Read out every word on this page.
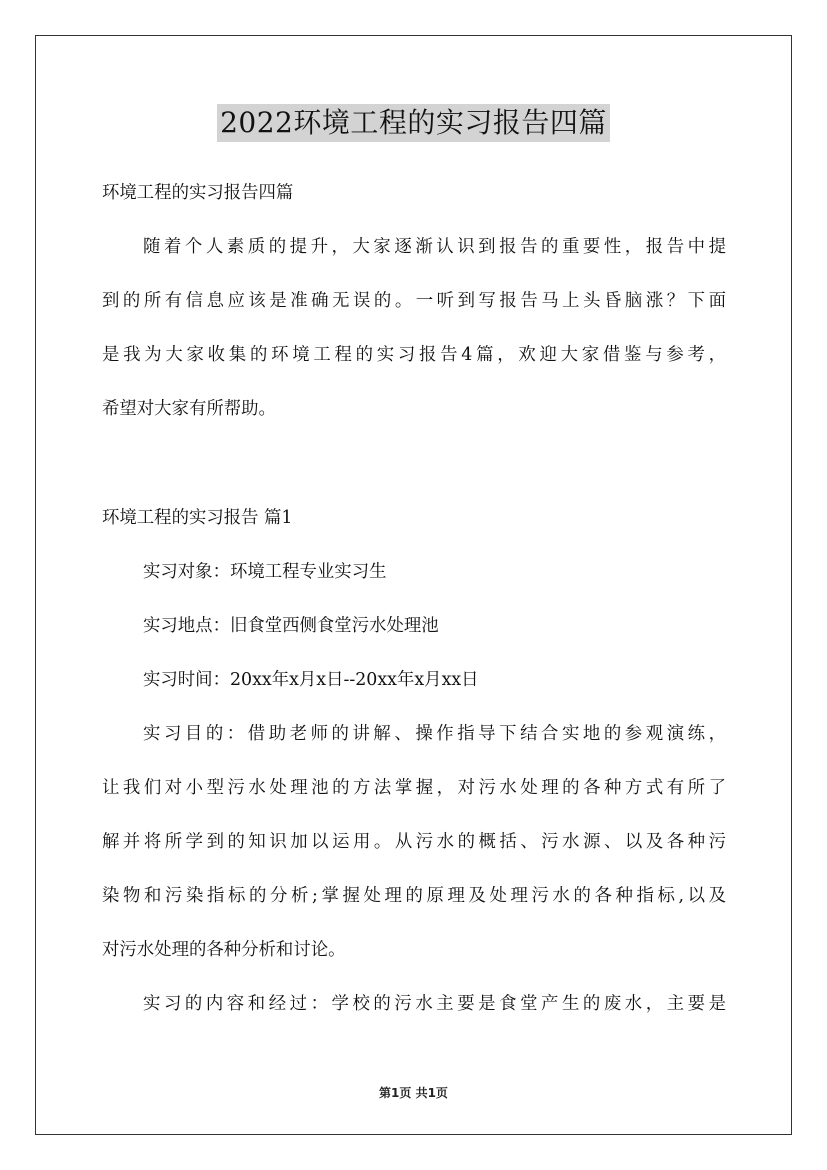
2022环境工程的实习报告四篇
环境工程的实习报告四篇
随着个人素质的提升，大家逐渐认识到报告的重要性，报告中提
到的所有信息应该是准确无误的。一听到写报告马上头昏脑涨？下面
是我为大家收集的环境工程的实习报告4篇，欢迎大家借鉴与参考，
希望对大家有所帮助。
环境工程的实习报告 篇1
实习对象：环境工程专业实习生
实习地点：旧食堂西侧食堂污水处理池
实习时间：20xx年x月x日--20xx年x月xx日
实习目的：借助老师的讲解、操作指导下结合实地的参观演练，
让我们对小型污水处理池的方法掌握，对污水处理的各种方式有所了
解并将所学到的知识加以运用。从污水的概括、污水源、以及各种污
染物和污染指标的分析;掌握处理的原理及处理污水的各种指标,以及
对污水处理的各种分析和讨论。
实习的内容和经过：学校的污水主要是食堂产生的废水，主要是
第1页 共1页
